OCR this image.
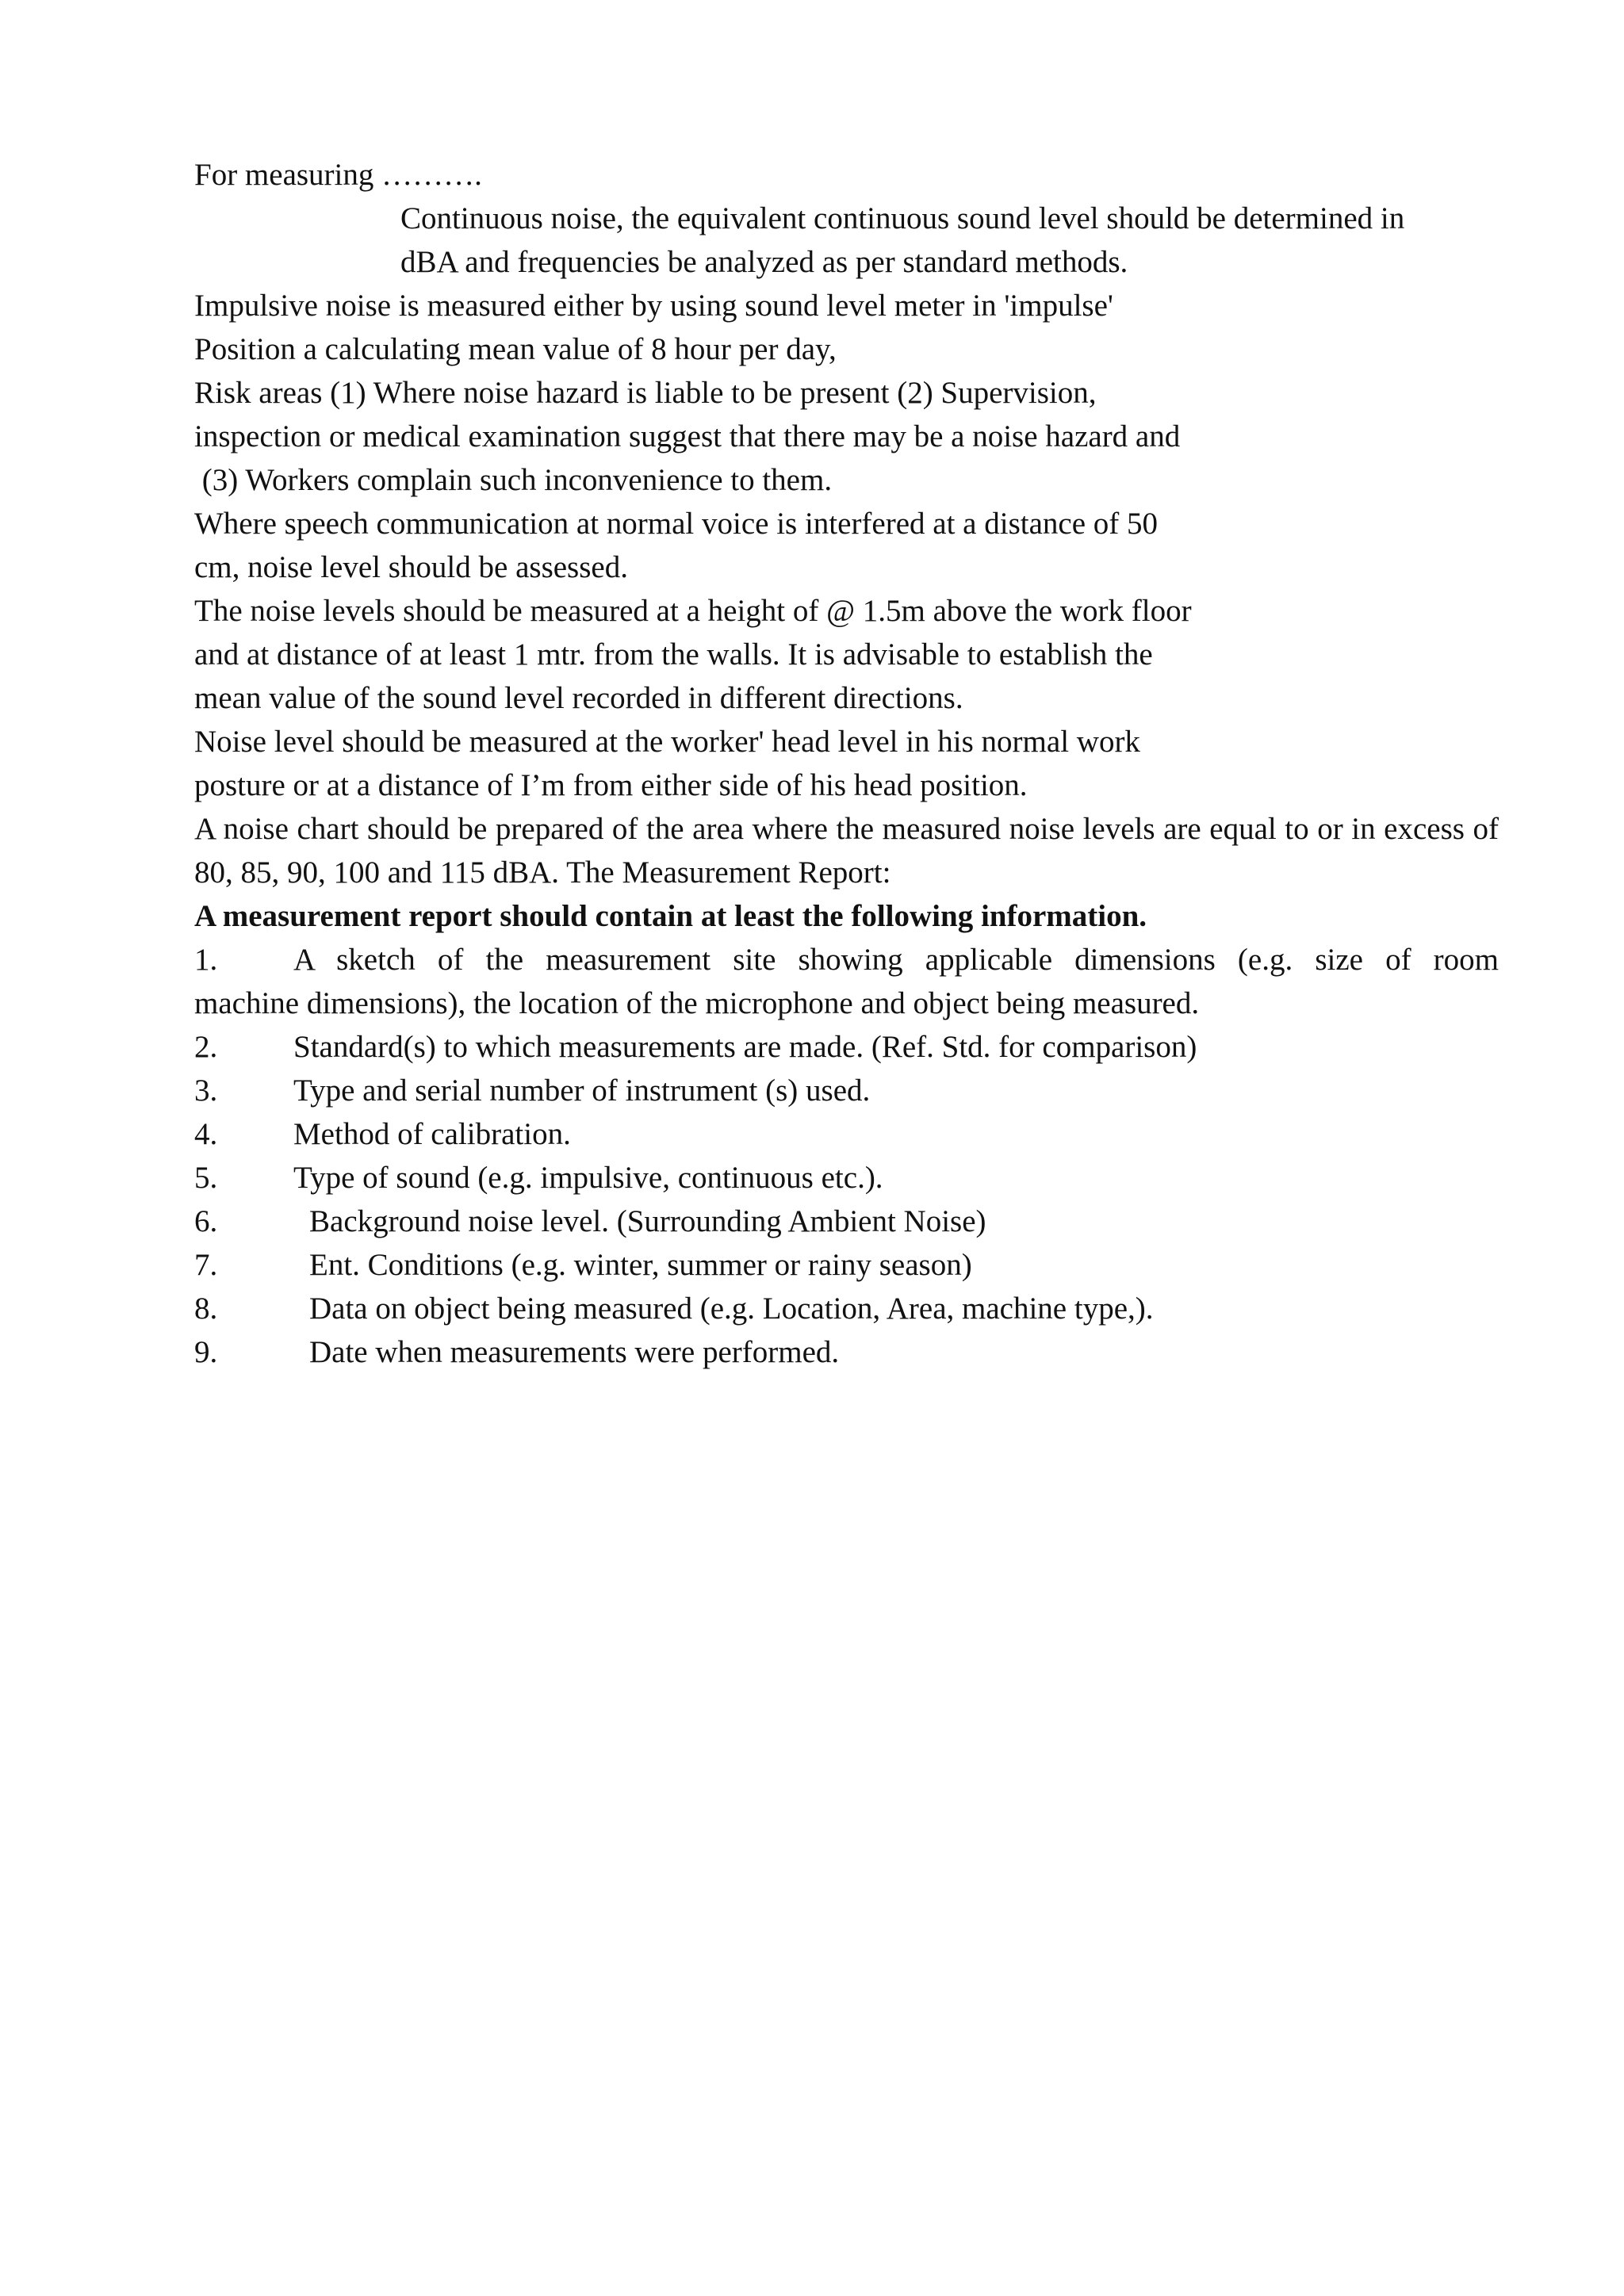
For measuring ……….

Continuous noise, the equivalent continuous sound level should be determined in

dBA and frequencies be analyzed as per standard methods.

Impulsive noise is measured either by using sound level meter in 'impulse'

Position a calculating mean value of 8 hour per day,

Risk areas (1) Where noise hazard is liable to be present (2) Supervision,

inspection or medical examination suggest that there may be a noise hazard and

(3) Workers complain such inconvenience to them.

Where speech communication at normal voice is interfered at a distance of 50

cm, noise level should be assessed.

The noise levels should be measured at a height of @ 1.5m above the work floor

and at distance of at least 1 mtr. from the walls. It is advisable to establish the

mean value of the sound level recorded in different directions.

Noise level should be measured at the worker' head level in his normal work

posture or at a distance of I’m from either side of his head position.

A noise chart should be prepared of the area where the measured noise levels are equal to or in excess of 80, 85, 90, 100 and 115 dBA. The Measurement Report:

A measurement report should contain at least the following information.

1.	A sketch of the measurement site showing applicable dimensions (e.g. size of room

machine dimensions), the location of the microphone and object being measured.

2.	Standard(s) to which measurements are made. (Ref. Std. for comparison)
3.	Type and serial number of instrument (s) used.
4.	Method of calibration.
5.	Type of sound (e.g. impulsive, continuous etc.).
6.	Background noise level. (Surrounding Ambient Noise)
7.	Ent. Conditions (e.g. winter, summer or rainy season)
8.	Data on object being measured (e.g. Location, Area, machine type,).
9.	Date when measurements were performed.
